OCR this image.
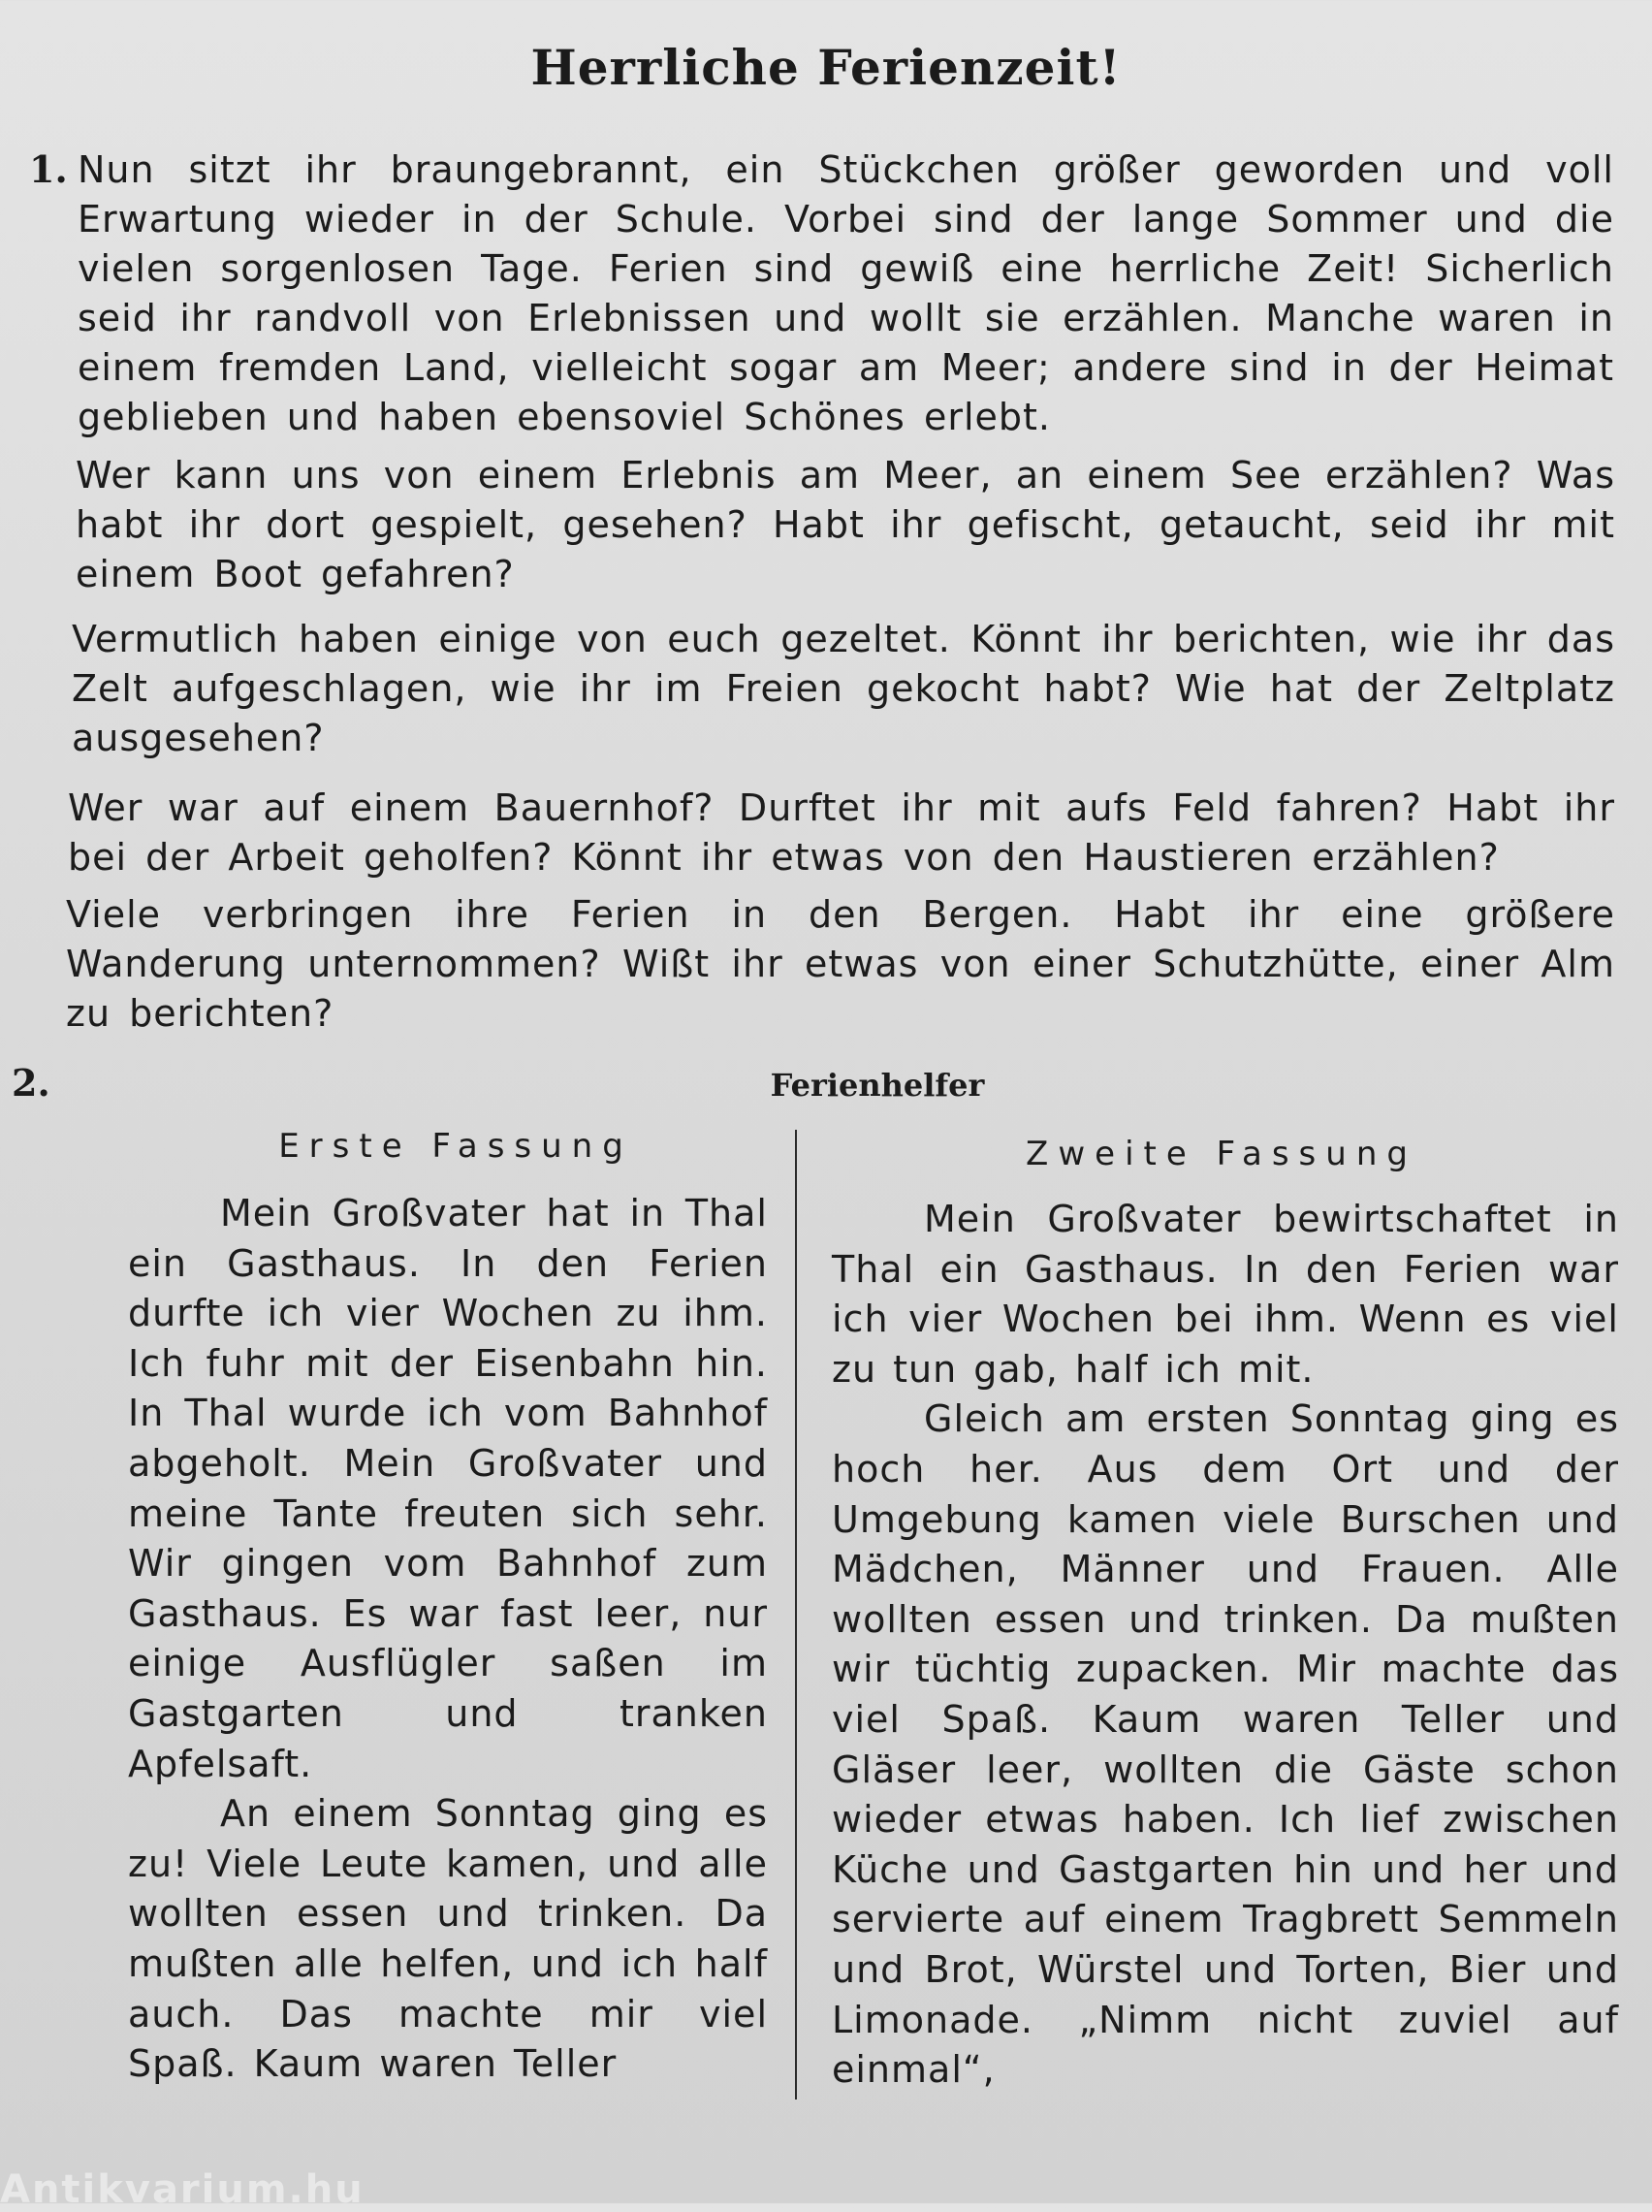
Herrliche Ferienzeit!
1. Nun sitzt ihr braungebrannt, ein Stückchen größer geworden und voll Erwartung wieder in der Schule. Vorbei sind der lange Sommer und die vielen sorgenlosen Tage. Ferien sind gewiß eine herrliche Zeit! Sicherlich seid ihr randvoll von Erlebnissen und wollt sie erzählen. Manche waren in einem fremden Land, vielleicht sogar am Meer; andere sind in der Heimat geblieben und haben ebensoviel Schönes erlebt.
Wer kann uns von einem Erlebnis am Meer, an einem See erzählen? Was habt ihr dort gespielt, gesehen? Habt ihr gefischt, getaucht, seid ihr mit einem Boot gefahren?
Vermutlich haben einige von euch gezeltet. Könnt ihr berichten, wie ihr das Zelt aufgeschlagen, wie ihr im Freien gekocht habt? Wie hat der Zeltplatz ausgesehen?
Wer war auf einem Bauernhof? Durftet ihr mit aufs Feld fahren? Habt ihr bei der Arbeit geholfen? Könnt ihr etwas von den Haustieren erzählen?
Viele verbringen ihre Ferien in den Bergen. Habt ihr eine größere Wanderung unternommen? Wißt ihr etwas von einer Schutzhütte, einer Alm zu berichten?
2.	Ferienhelfer
Erste Fassung	Zweite Fassung

Mein Großvater hat in Thal ein Gasthaus. In den Ferien durfte ich vier Wochen zu ihm. Ich fuhr mit der Eisenbahn hin. In Thal wurde ich vom Bahnhof abgeholt. Mein Großvater und meine Tante freuten sich sehr. Wir gingen vom Bahnhof zum Gasthaus. Es war fast leer, nur einige Ausflügler saßen im Gastgarten und tranken Apfelsaft.

An einem Sonntag ging es zu! Viele Leute kamen, und alle wollten essen und trinken. Da mußten alle helfen, und ich half auch. Das machte mir viel Spaß. Kaum waren Teller

Mein Großvater bewirtschaftet in Thal ein Gasthaus. In den Ferien war ich vier Wochen bei ihm. Wenn es viel zu tun gab, half ich mit.

Gleich am ersten Sonntag ging es hoch her. Aus dem Ort und der Umgebung kamen viele Burschen und Mädchen, Männer und Frauen. Alle wollten essen und trinken. Da mußten wir tüchtig zupacken. Mir machte das viel Spaß. Kaum waren Teller und Gläser leer, wollten die Gäste schon wieder etwas haben. Ich lief zwischen Küche und Gastgarten hin und her und servierte auf einem Tragbrett Semmeln und Brot, Würstel und Torten, Bier und Limonade. „Nimm nicht zuviel auf einmal“,

Antikvarium.hu
